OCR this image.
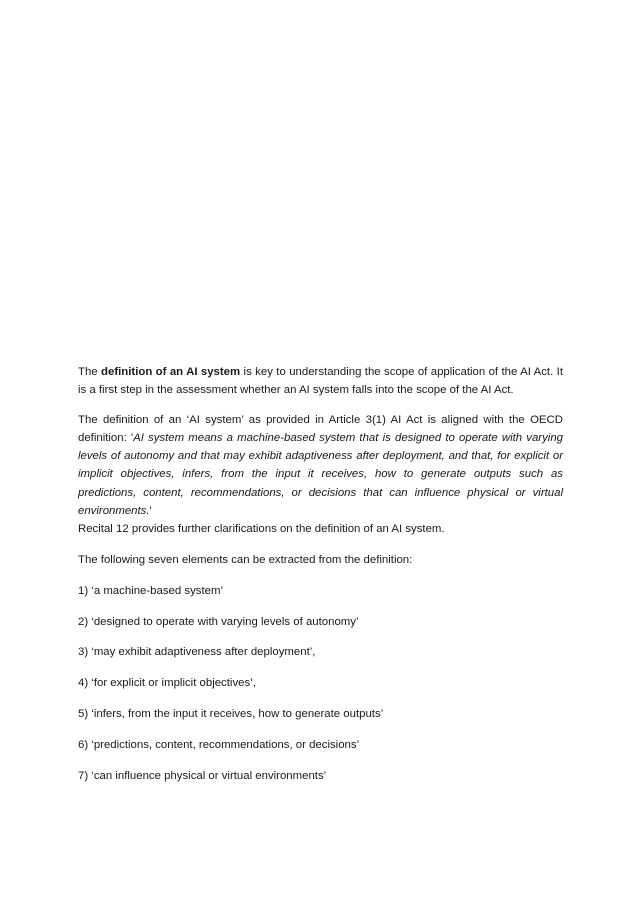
The definition of an AI system is key to understanding the scope of application of the AI Act. It is a first step in the assessment whether an AI system falls into the scope of the AI Act.

The definition of an ‘AI system’ as provided in Article 3(1) AI Act is aligned with the OECD definition: 'AI system means a machine-based system that is designed to operate with varying levels of autonomy and that may exhibit adaptiveness after deployment, and that, for explicit or implicit objectives, infers, from the input it receives, how to generate outputs such as predictions, content, recommendations, or decisions that can influence physical or virtual environments.'

Recital 12 provides further clarifications on the definition of an AI system.

The following seven elements can be extracted from the definition:

1) ‘a machine-based system’

2) ‘designed to operate with varying levels of autonomy’

3) ‘may exhibit adaptiveness after deployment’,

4) ‘for explicit or implicit objectives’,

5) ‘infers, from the input it receives, how to generate outputs’

6) ‘predictions, content, recommendations, or decisions’

7) ‘can influence physical or virtual environments’
